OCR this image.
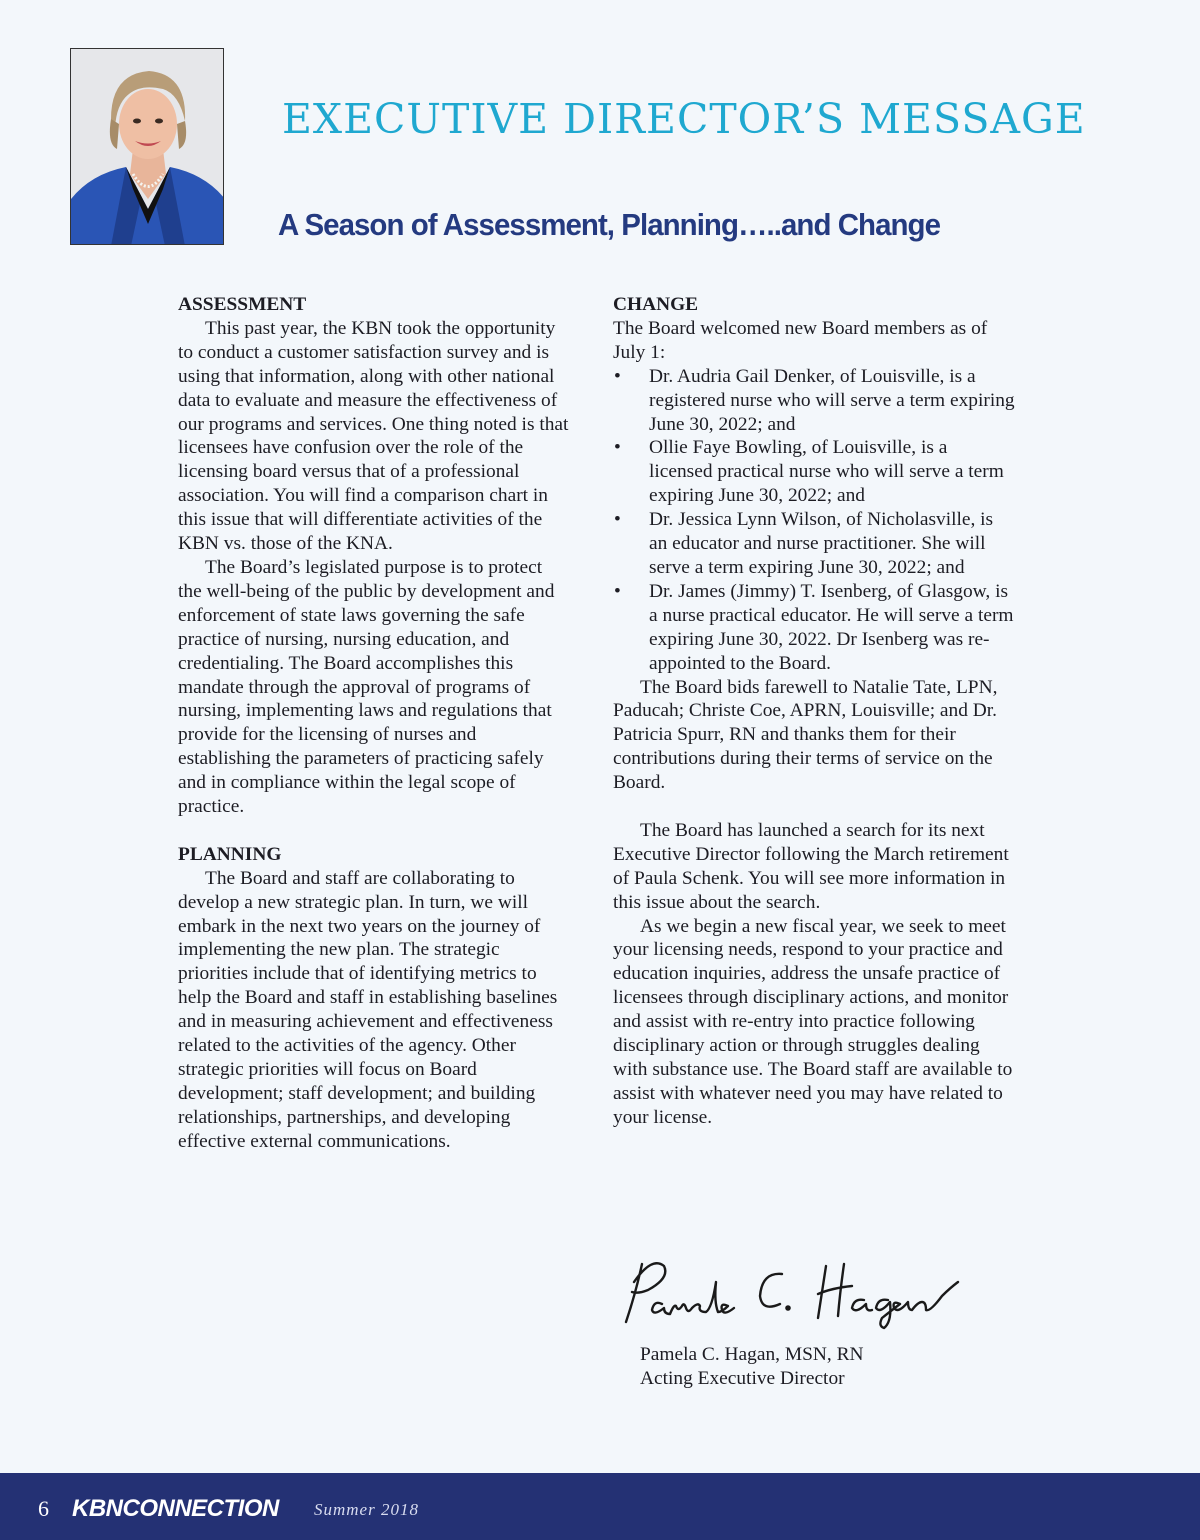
EXECUTIVE DIRECTOR’S MESSAGE
A Season of Assessment, Planning…..and Change
ASSESSMENT

This past year, the KBN took the opportunity to conduct a customer satisfaction survey and is using that information, along with other national data to evaluate and measure the effectiveness of our programs and services. One thing noted is that licensees have confusion over the role of the licensing board versus that of a professional association. You will find a comparison chart in this issue that will differentiate activities of the KBN vs. those of the KNA.

The Board’s legislated purpose is to protect the well-being of the public by development and enforcement of state laws governing the safe practice of nursing, nursing education, and credentialing. The Board accomplishes this mandate through the approval of programs of nursing, implementing laws and regulations that provide for the licensing of nurses and establishing the parameters of practicing safely and in compliance within the legal scope of practice.

PLANNING

The Board and staff are collaborating to develop a new strategic plan. In turn, we will embark in the next two years on the journey of implementing the new plan. The strategic priorities include that of identifying metrics to help the Board and staff in establishing baselines and in measuring achievement and effectiveness related to the activities of the agency. Other strategic priorities will focus on Board development; staff development; and building relationships, partnerships, and developing effective external communications.

CHANGE

The Board welcomed new Board members as of July 1:

• Dr. Audria Gail Denker, of Louisville, is a registered nurse who will serve a term expiring June 30, 2022; and
• Ollie Faye Bowling, of Louisville, is a licensed practical nurse who will serve a term expiring June 30, 2022; and
• Dr. Jessica Lynn Wilson, of Nicholasville, is an educator and nurse practitioner. She will serve a term expiring June 30, 2022; and
• Dr. James (Jimmy) T. Isenberg, of Glasgow, is a nurse practical educator. He will serve a term expiring June 30, 2022. Dr Isenberg was re-appointed to the Board.

The Board bids farewell to Natalie Tate, LPN, Paducah; Christe Coe, APRN, Louisville; and Dr. Patricia Spurr, RN and thanks them for their contributions during their terms of service on the Board.

The Board has launched a search for its next Executive Director following the March retirement of Paula Schenk. You will see more information in this issue about the search.

As we begin a new fiscal year, we seek to meet your licensing needs, respond to your practice and education inquiries, address the unsafe practice of licensees through disciplinary actions, and monitor and assist with re-entry into practice following disciplinary action or through struggles dealing with substance use. The Board staff are available to assist with whatever need you may have related to your license.

Pamela C. Hagan, MSN, RN

Acting Executive Director

6 KBNCONNECTION Summer 2018
